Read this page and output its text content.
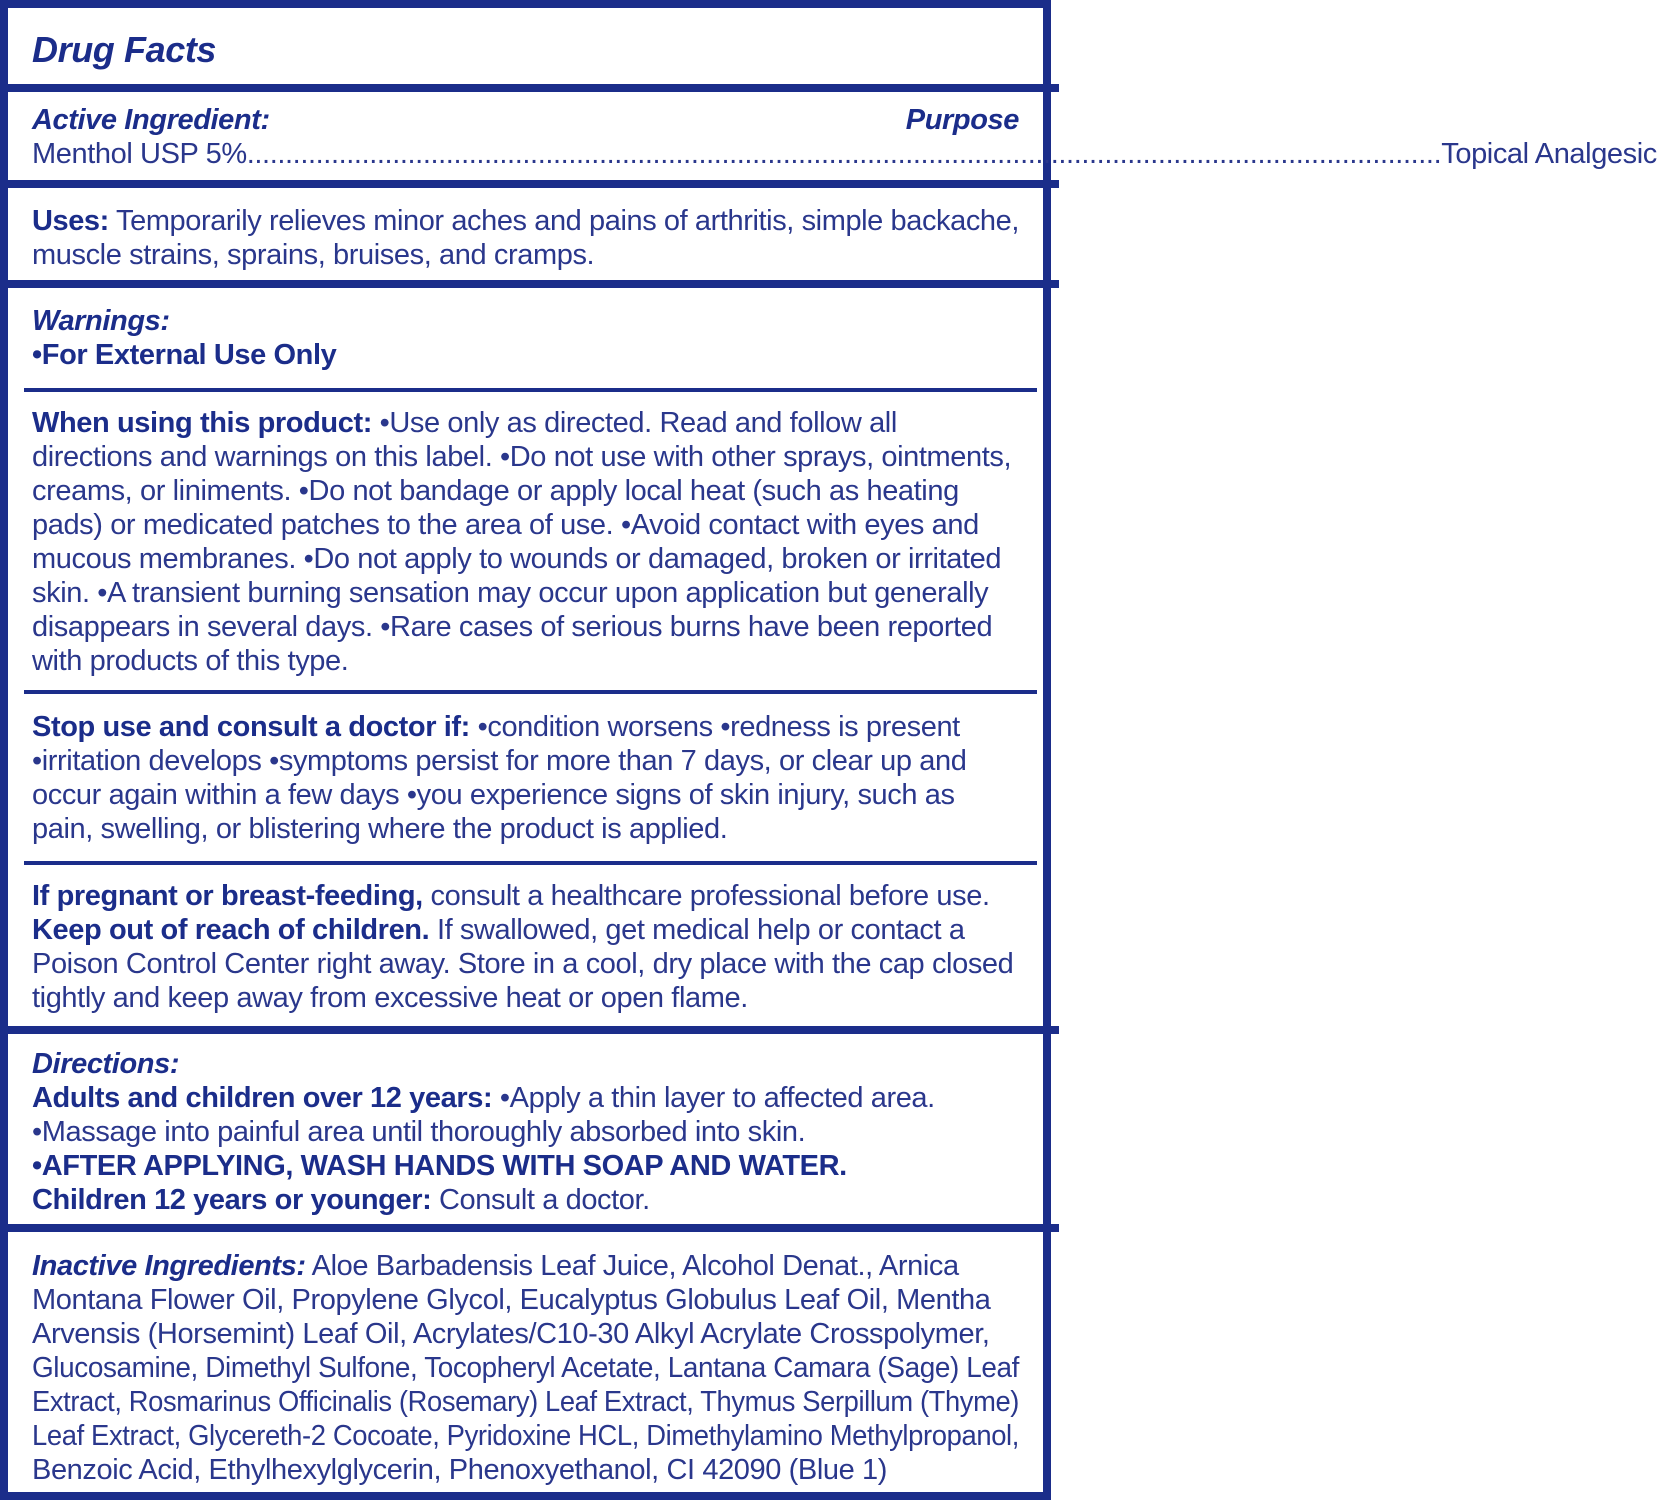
Drug Facts
Active Ingredient:	Purpose
Menthol USP 5% ............................................................................................................................................................ Topical Analgesic
Uses: Temporarily relieves minor aches and pains of arthritis, simple backache,
muscle strains, sprains, bruises, and cramps.
Warnings:
•For External Use Only
When using this product: •Use only as directed. Read and follow all
directions and warnings on this label. •Do not use with other sprays, ointments,
creams, or liniments. •Do not bandage or apply local heat (such as heating
pads) or medicated patches to the area of use. •Avoid contact with eyes and
mucous membranes. •Do not apply to wounds or damaged, broken or irritated
skin. •A transient burning sensation may occur upon application but generally
disappears in several days. •Rare cases of serious burns have been reported
with products of this type.
Stop use and consult a doctor if: •condition worsens •redness is present
•irritation develops •symptoms persist for more than 7 days, or clear up and
occur again within a few days •you experience signs of skin injury, such as
pain, swelling, or blistering where the product is applied.
If pregnant or breast-feeding, consult a healthcare professional before use.
Keep out of reach of children. If swallowed, get medical help or contact a
Poison Control Center right away. Store in a cool, dry place with the cap closed
tightly and keep away from excessive heat or open flame.
Directions:
Adults and children over 12 years: •Apply a thin layer to affected area.
•Massage into painful area until thoroughly absorbed into skin.
•AFTER APPLYING, WASH HANDS WITH SOAP AND WATER.
Children 12 years or younger: Consult a doctor.
Inactive Ingredients: Aloe Barbadensis Leaf Juice, Alcohol Denat., Arnica
Montana Flower Oil, Propylene Glycol, Eucalyptus Globulus Leaf Oil, Mentha
Arvensis (Horsemint) Leaf Oil, Acrylates/C10-30 Alkyl Acrylate Crosspolymer,
Glucosamine, Dimethyl Sulfone, Tocopheryl Acetate, Lantana Camara (Sage) Leaf
Extract, Rosmarinus Officinalis (Rosemary) Leaf Extract, Thymus Serpillum (Thyme)
Leaf Extract, Glycereth-2 Cocoate, Pyridoxine HCL, Dimethylamino Methylpropanol,
Benzoic Acid, Ethylhexylglycerin, Phenoxyethanol, CI 42090 (Blue 1)
